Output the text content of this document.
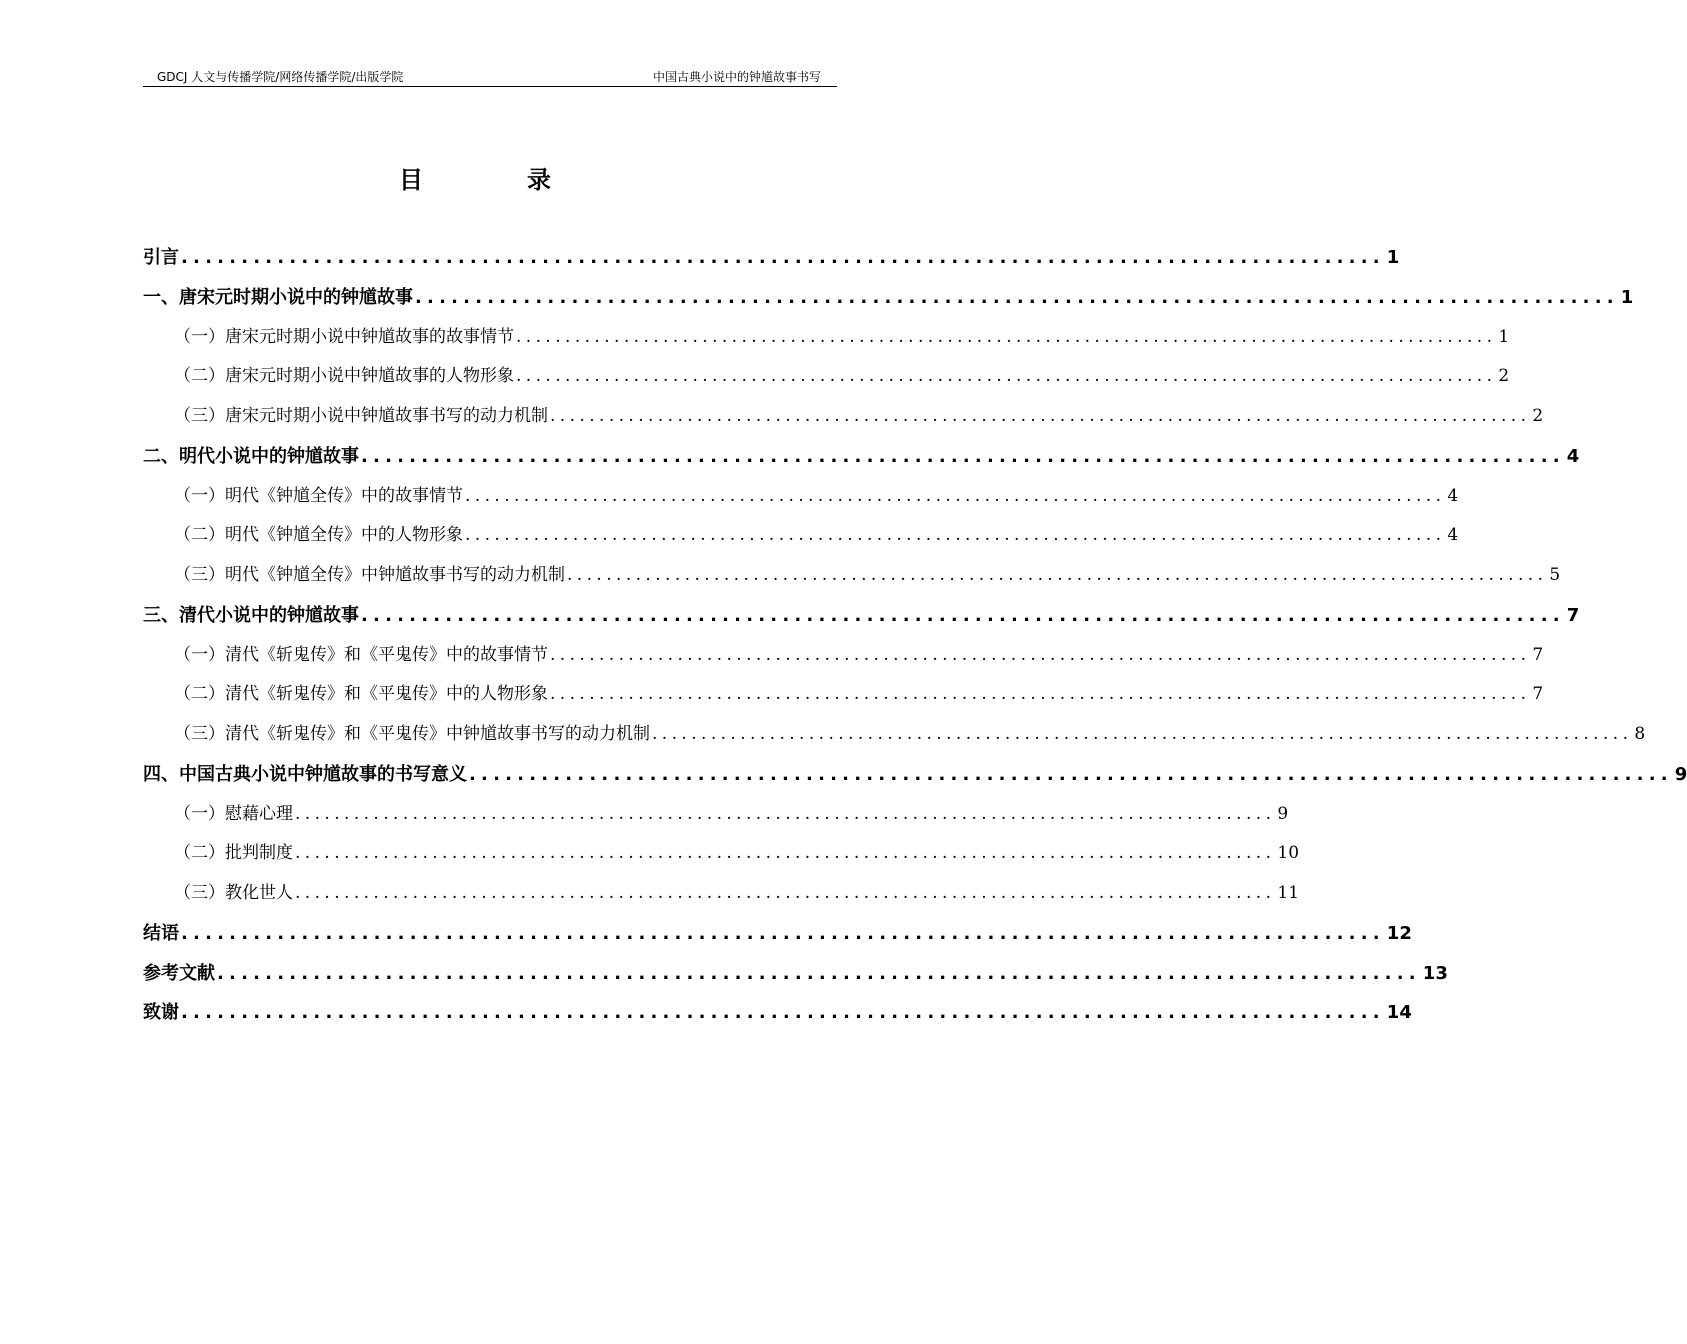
GDCJ 人文与传播学院/网络传播学院/出版学院	中国古典小说中的钟馗故事书写
目录
引言 .................................................................................................... 1
一、唐宋元时期小说中的钟馗故事 .................................................................................................... 1
（一）唐宋元时期小说中钟馗故事的故事情节 .................................................................................................... 1
（二）唐宋元时期小说中钟馗故事的人物形象 .................................................................................................... 2
（三）唐宋元时期小说中钟馗故事书写的动力机制 .................................................................................................... 2
二、明代小说中的钟馗故事 .................................................................................................... 4
（一）明代《钟馗全传》中的故事情节 .................................................................................................... 4
（二）明代《钟馗全传》中的人物形象 .................................................................................................... 4
（三）明代《钟馗全传》中钟馗故事书写的动力机制 .................................................................................................... 5
三、清代小说中的钟馗故事 .................................................................................................... 7
（一）清代《斩鬼传》和《平鬼传》中的故事情节 .................................................................................................... 7
（二）清代《斩鬼传》和《平鬼传》中的人物形象 .................................................................................................... 7
（三）清代《斩鬼传》和《平鬼传》中钟馗故事书写的动力机制 .................................................................................................... 8
四、中国古典小说中钟馗故事的书写意义 .................................................................................................... 9
（一）慰藉心理 .................................................................................................... 9
（二）批判制度 .................................................................................................... 10
（三）教化世人 .................................................................................................... 11
结语 .................................................................................................... 12
参考文献 .................................................................................................... 13
致谢 .................................................................................................... 14
